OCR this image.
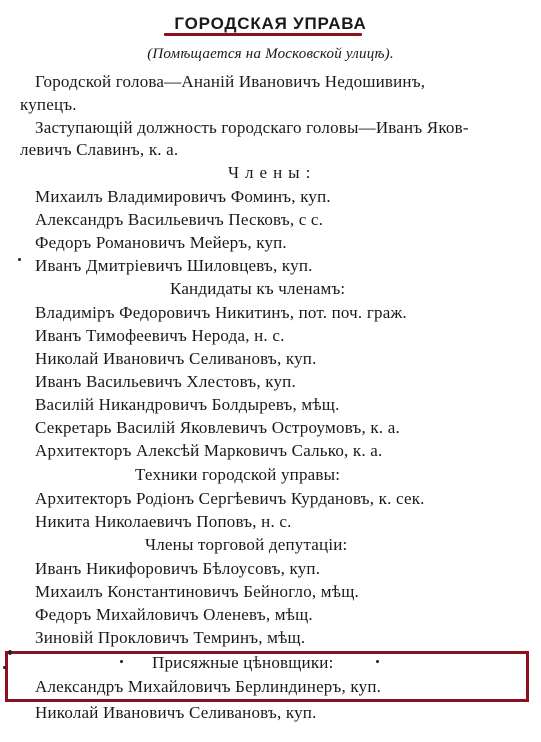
ГОРОДСКАЯ УПРАВА
(Помѣщается на Московской улицѣ).
Городской голова—Ананій Ивановичъ Недошивинъ,
купецъ.
Заступающій должность городскаго головы—Иванъ Яков-
левичъ Славинъ, к. а.
Члены:
Михаилъ Владимировичъ Фоминъ, куп.
Александръ Васильевичъ Песковъ, с с.
Федоръ Романовичъ Мейеръ, куп.
Иванъ Дмитріевичъ Шиловцевъ, куп.
Кандидаты къ членамъ:
Владиміръ Федоровичъ Никитинъ, пот. поч. граж.
Иванъ Тимофеевичъ Нерода, н. с.
Николай Ивановичъ Селивановъ, куп.
Иванъ Васильевичъ Хлестовъ, куп.
Василій Никандровичъ Болдыревъ, мѣщ.
Секретарь Василій Яковлевичъ Остроумовъ, к. а.
Архитекторъ Алексѣй Марковичъ Салько, к. а.
Техники городской управы:
Архитекторъ Родіонъ Сергѣевичъ Курдановъ, к. сек.
Никита Николаевичъ Поповъ, н. с.
Члены торговой депутаціи:
Иванъ Никифоровичъ Бѣлоусовъ, куп.
Михаилъ Константиновичъ Бейноглo, мѣщ.
Федоръ Михайловичъ Оленевъ, мѣщ.
Зиновій Прокловичъ Темринъ, мѣщ.
Присяжные цѣновщики:
Александръ Михайловичъ Берлиндинеръ, куп.
Николай Ивановичъ Селивановъ, куп.
